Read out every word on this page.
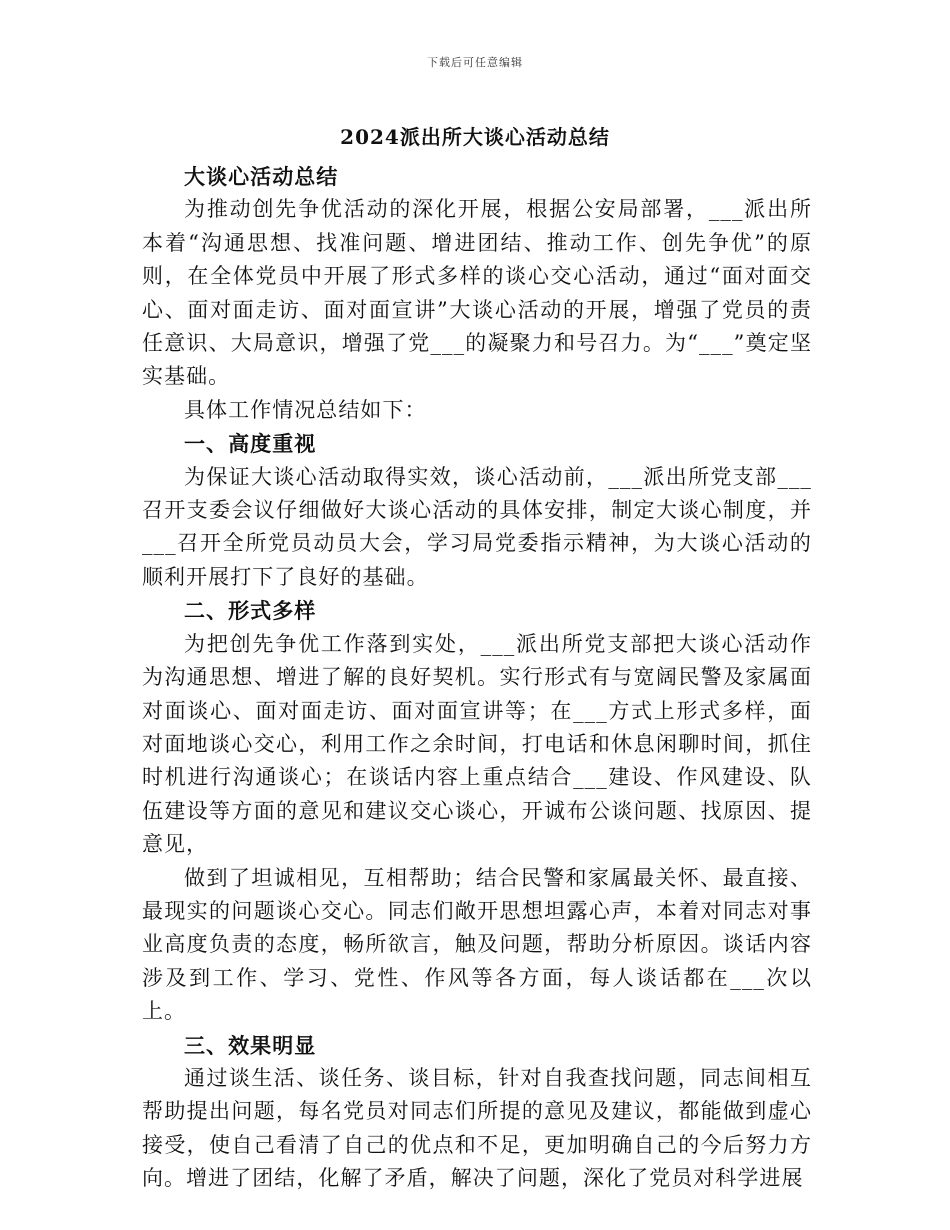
下载后可任意编辑
2024派出所大谈心活动总结
大谈心活动总结

为推动创先争优活动的深化开展，根据公安局部署，___派出所本着“沟通思想、找准问题、增进团结、推动工作、创先争优”的原则，在全体党员中开展了形式多样的谈心交心活动，通过“面对面交心、面对面走访、面对面宣讲”大谈心活动的开展，增强了党员的责任意识、大局意识，增强了党___的凝聚力和号召力。为“___”奠定坚实基础。

具体工作情况总结如下：

一、高度重视

为保证大谈心活动取得实效，谈心活动前，___派出所党支部___召开支委会议仔细做好大谈心活动的具体安排，制定大谈心制度，并___召开全所党员动员大会，学习局党委指示精神，为大谈心活动的顺利开展打下了良好的基础。

二、形式多样

为把创先争优工作落到实处，___派出所党支部把大谈心活动作为沟通思想、增进了解的良好契机。实行形式有与宽阔民警及家属面对面谈心、面对面走访、面对面宣讲等；在___方式上形式多样，面对面地谈心交心，利用工作之余时间，打电话和休息闲聊时间，抓住时机进行沟通谈心；在谈话内容上重点结合___建设、作风建设、队伍建设等方面的意见和建议交心谈心，开诚布公谈问题、找原因、提意见，

做到了坦诚相见，互相帮助；结合民警和家属最关怀、最直接、最现实的问题谈心交心。同志们敞开思想坦露心声，本着对同志对事业高度负责的态度，畅所欲言，触及问题，帮助分析原因。谈话内容涉及到工作、学习、党性、作风等各方面，每人谈话都在___次以上。

三、效果明显

通过谈生活、谈任务、谈目标，针对自我查找问题，同志间相互帮助提出问题，每名党员对同志们所提的意见及建议，都能做到虚心接受，使自己看清了自己的优点和不足，更加明确自己的今后努力方向。增进了团结，化解了矛盾，解决了问题，深化了党员对科学进展
